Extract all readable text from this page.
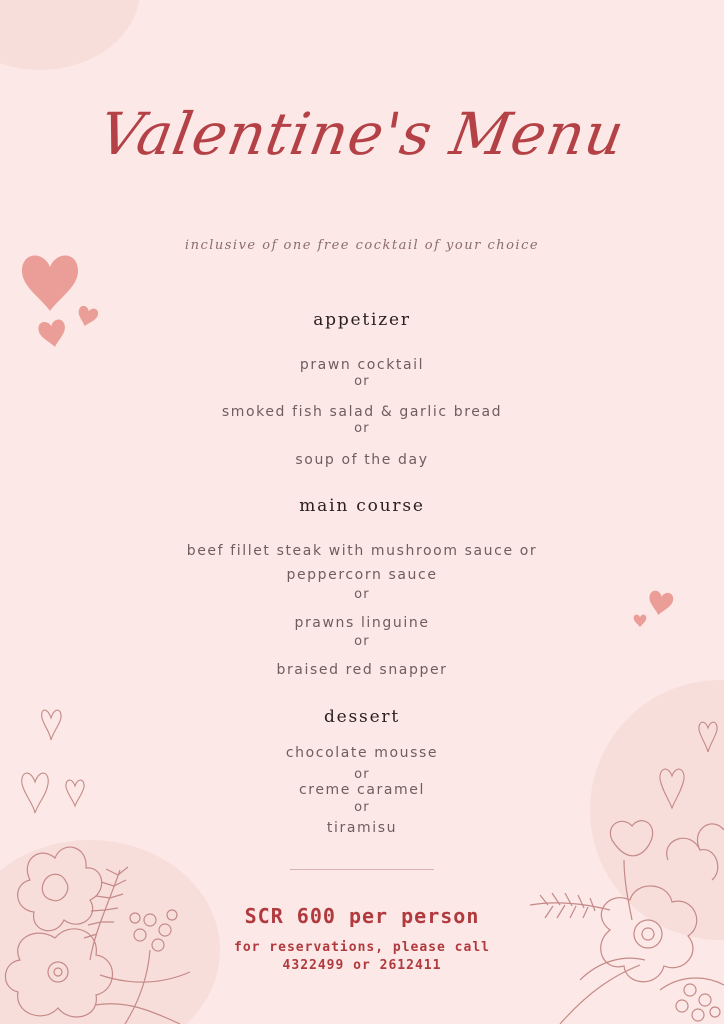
Valentine's Menu
inclusive of one free cocktail of your choice
appetizer
prawn cocktail
or
smoked fish salad & garlic bread
or
soup of the day
main course
beef fillet steak with mushroom sauce or
peppercorn sauce
or
prawns linguine
or
braised red snapper
dessert
chocolate mousse
or
creme caramel
or
tiramisu
SCR 600 per person
for reservations, please call
4322499 or 2612411
